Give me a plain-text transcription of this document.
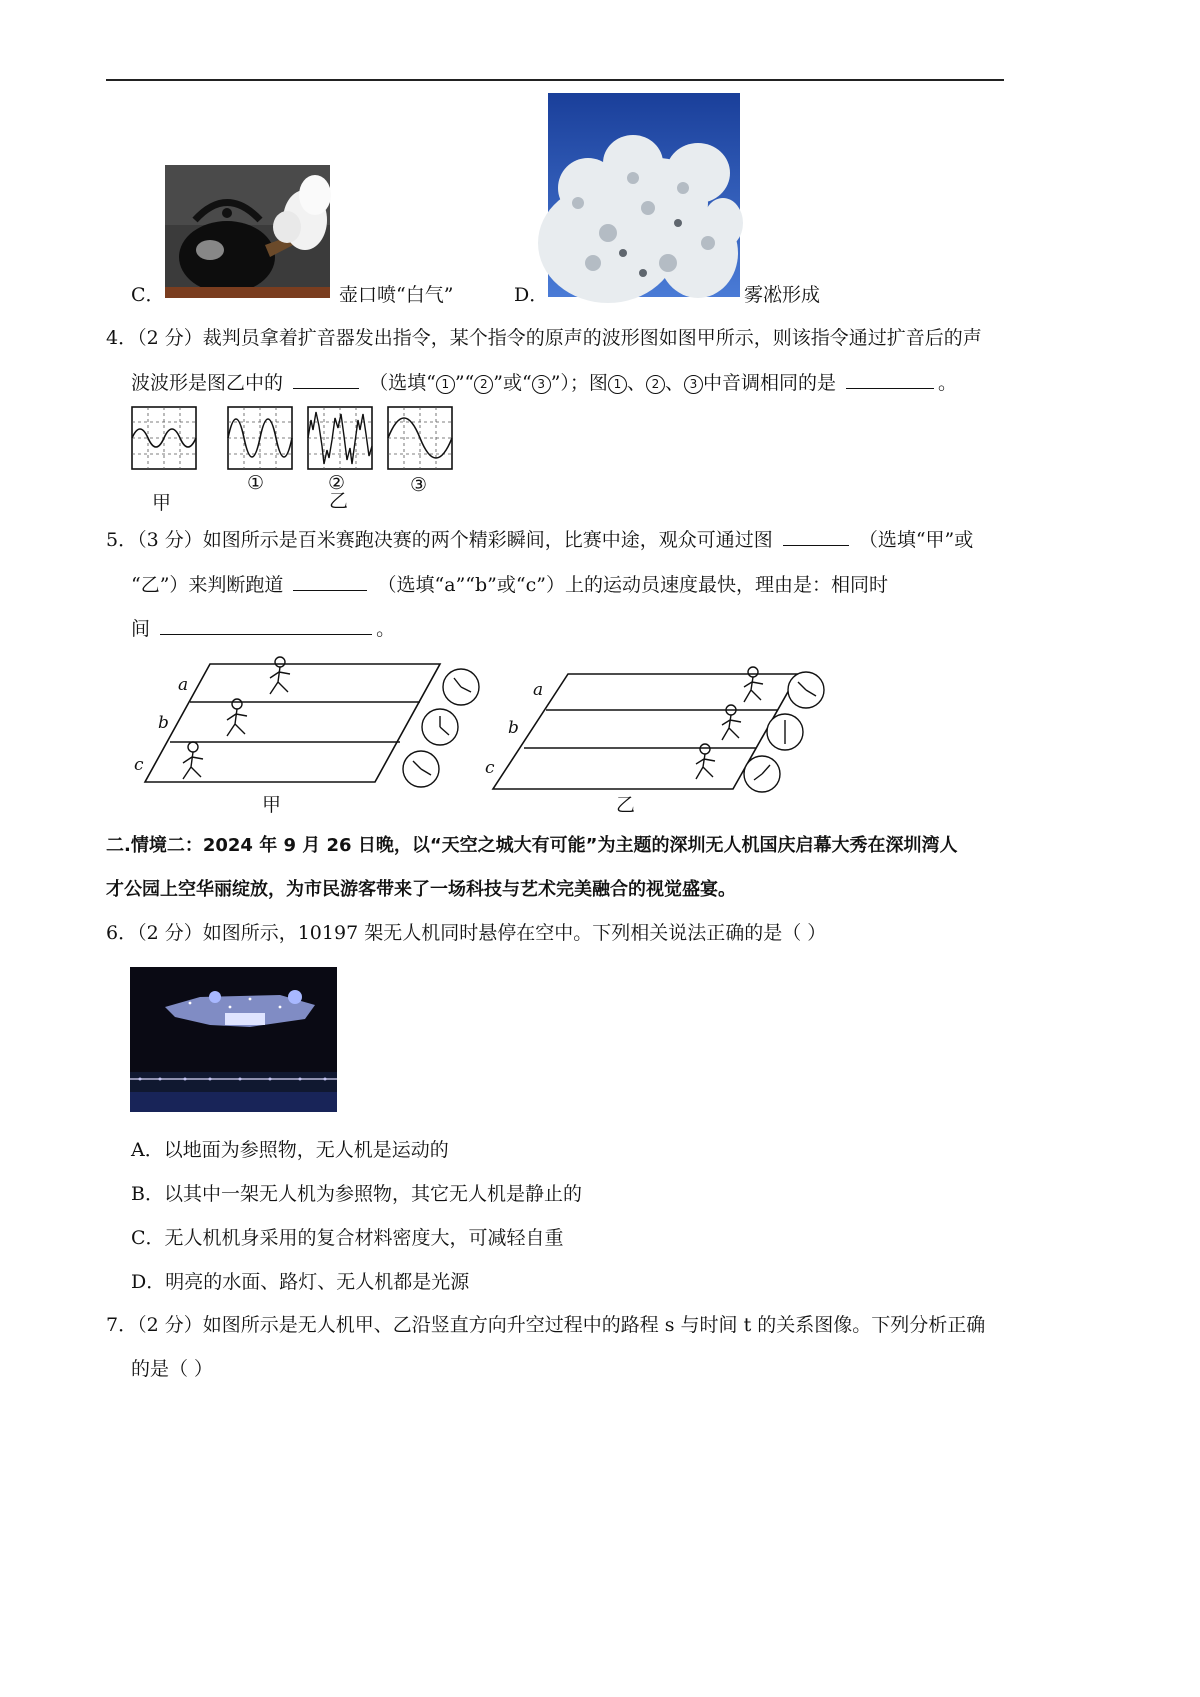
C．	壶口喷“白气”	D．	雾凇形成
4．（2 分）裁判员拿着扩音器发出指令，某个指令的原声的波形图如图甲所示，则该指令通过扩音后的声
波波形是图乙中的	（选填“ 1 ”“ 2 ”或“ 3 ”）；图 1 、 2 、 3 中音调相同的是	。
①	②	③
甲	乙
5．（3 分）如图所示是百米赛跑决赛的两个精彩瞬间，比赛中途，观众可通过图	（选填“甲”或
“乙”）来判断跑道	（选填“a”“b”或“c”）上的运动员速度最快，理由是：相同时
间	。
a
b
c
甲
a
b
c
乙
二.情境二：2024 年 9 月 26 日晚，以“天空之城大有可能”为主题的深圳无人机国庆启幕大秀在深圳湾人
才公园上空华丽绽放，为市民游客带来了一场科技与艺术完美融合的视觉盛宴。
6．（2 分）如图所示，10197 架无人机同时悬停在空中。下列相关说法正确的是（ ）
A．以地面为参照物，无人机是运动的
B．以其中一架无人机为参照物，其它无人机是静止的
C．无人机机身采用的复合材料密度大，可减轻自重
D．明亮的水面、路灯、无人机都是光源
7．（2 分）如图所示是无人机甲、乙沿竖直方向升空过程中的路程 s 与时间 t 的关系图像。下列分析正确
的是（ ）
